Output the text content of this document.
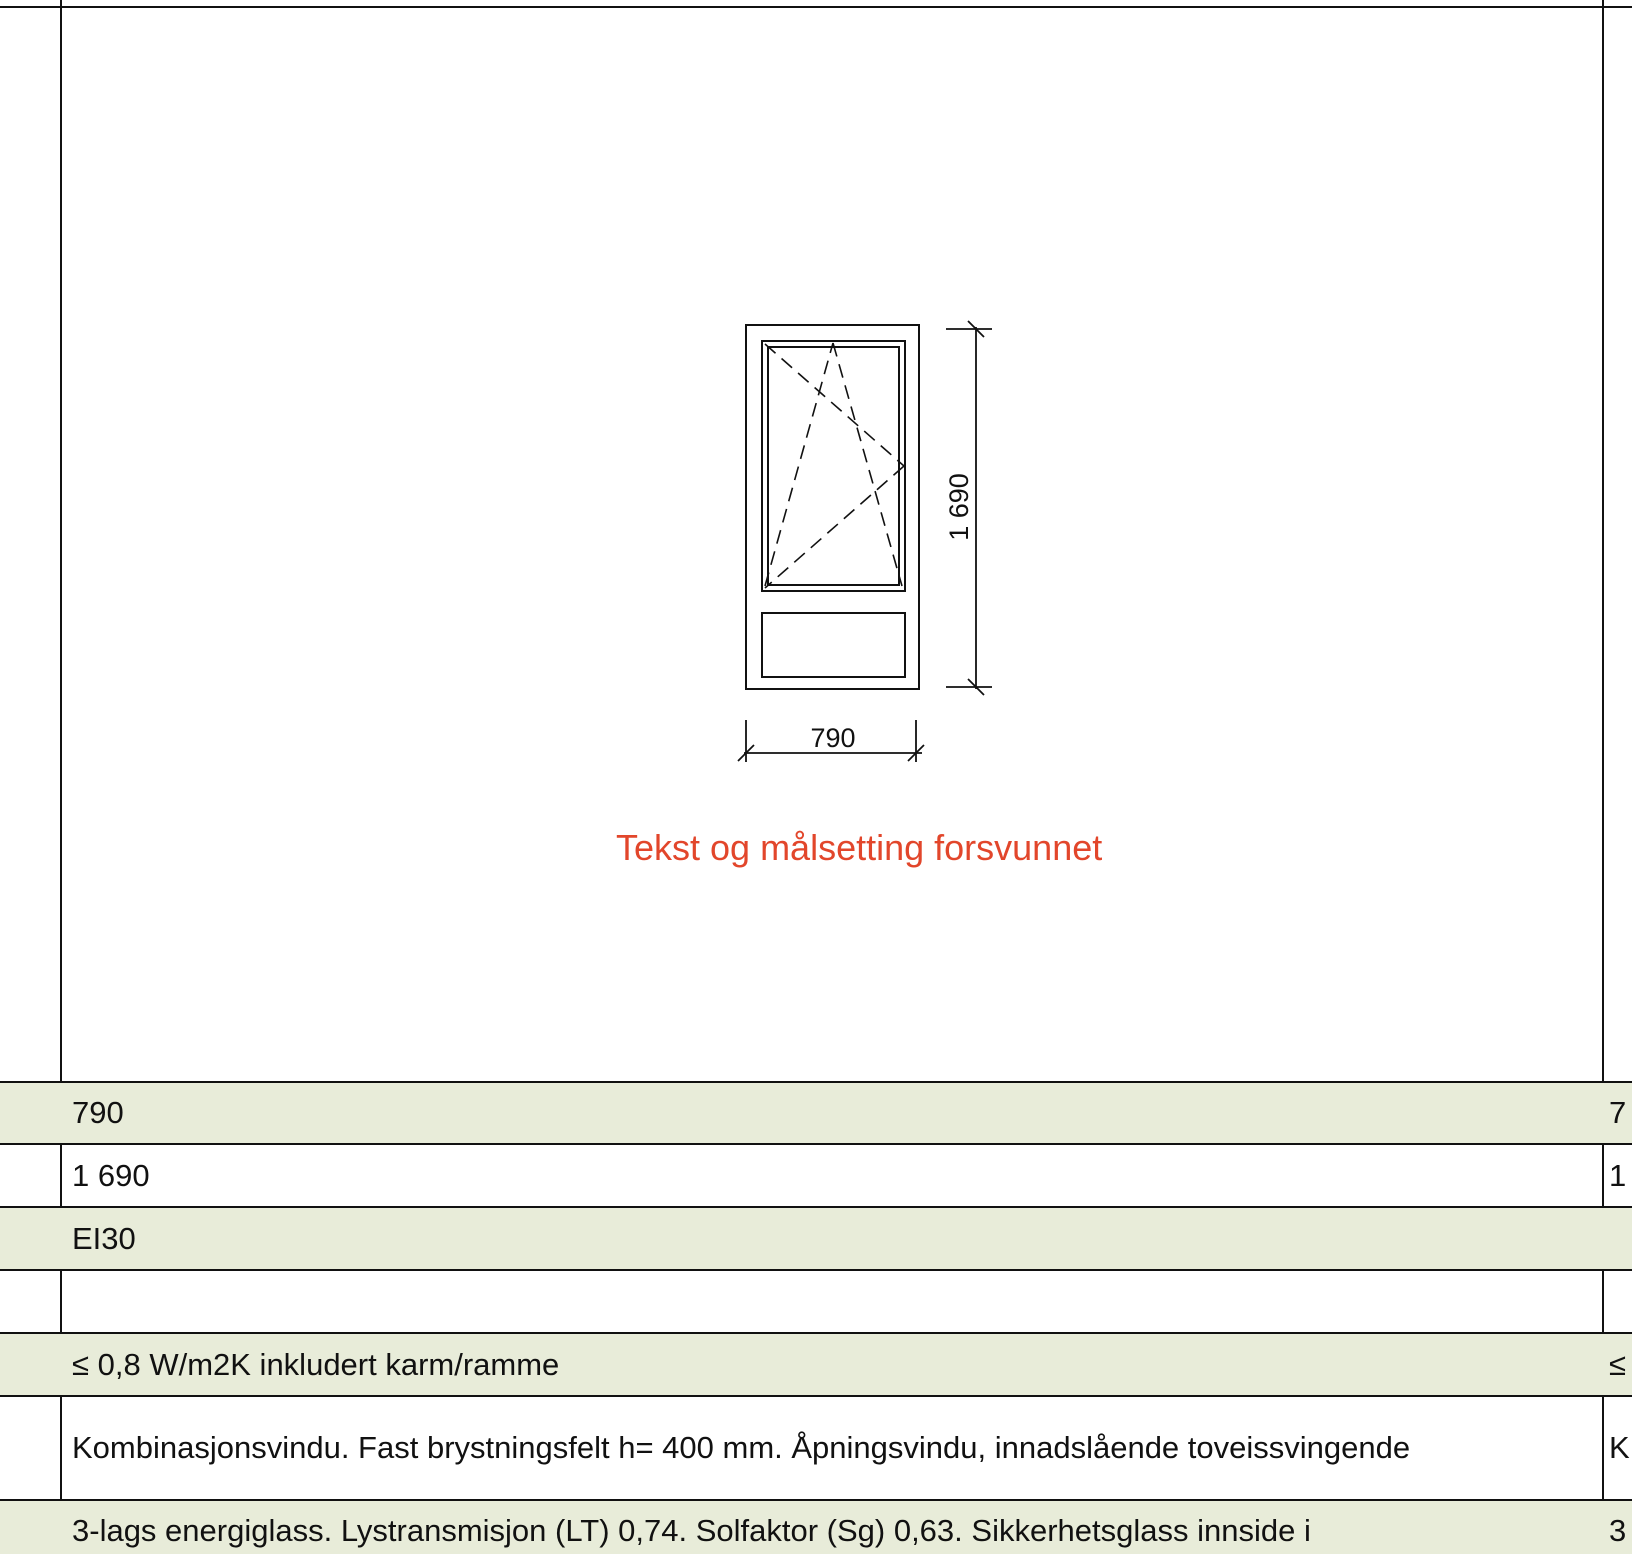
790
1 690
Tekst og målsetting forsvunnet
790	7
1 690	1
EI30
≤ 0,8 W/m2K inkludert karm/ramme	≤
Kombinasjonsvindu. Fast brystningsfelt h= 400 mm. Åpningsvindu, innadslående toveissvingende	K
3-lags energiglass. Lystransmisjon (LT) 0,74. Solfaktor (Sg) 0,63. Sikkerhetsglass innside i	3
